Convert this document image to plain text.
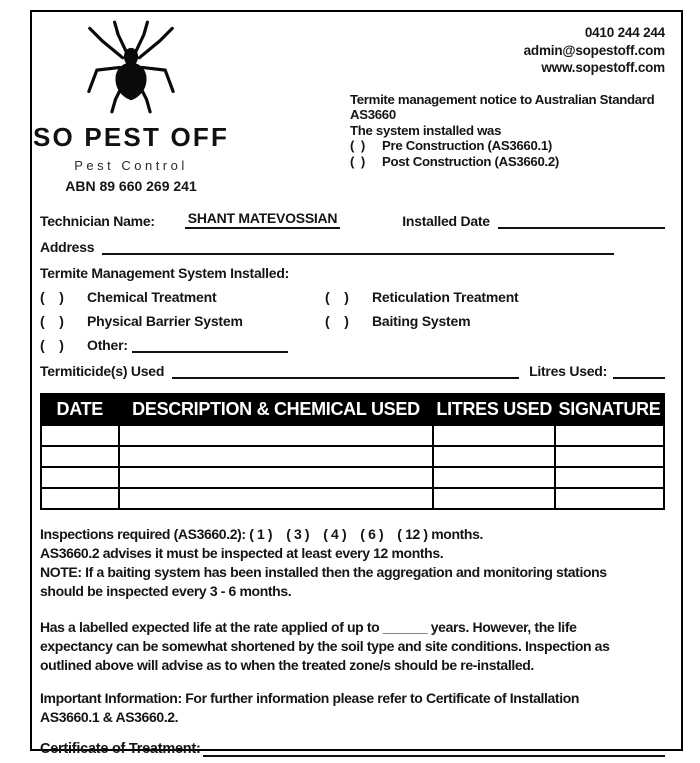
SO PEST OFF
Pest Control
ABN 89 660 269 241
0410 244 244
admin@sopestoff.com
www.sopestoff.com
Termite management notice to Australian Standard
AS3660
The system installed was
(  )	Pre Construction (AS3660.1)
(  )	Post Construction (AS3660.2)
Technician Name: SHANT MATEVOSSIAN	Installed Date
Address
Termite Management System Installed:
(    )	Chemical Treatment	(    )	Reticulation Treatment
(    )	Physical Barrier System	(    )	Baiting System
(    )	Other:
Termiticide(s) Used	Litres Used:
DATE	DESCRIPTION & CHEMICAL USED	LITRES USED	SIGNATURE

Inspections required (AS3660.2): ( 1 )    ( 3 )    ( 4 )    ( 6 )    ( 12 ) months.
AS3660.2 advises it must be inspected at least every 12 months.
NOTE: If a baiting system has been installed then the aggregation and monitoring stations
should be inspected every 3 - 6 months.
Has a labelled expected life at the rate applied of up to ______ years. However, the life
expectancy can be somewhat shortened by the soil type and site conditions. Inspection as
outlined above will advise as to when the treated zone/s should be re-installed.
Important Information: For further information please refer to Certificate of Installation
AS3660.1 & AS3660.2.
Certificate of Treatment:
